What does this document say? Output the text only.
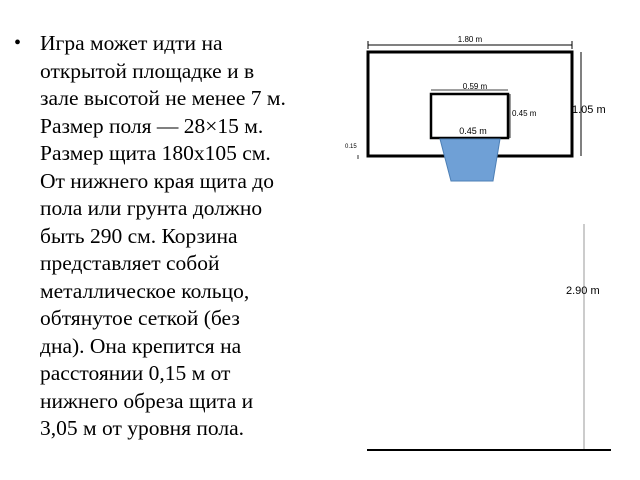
• Игра может идти на
открытой площадке и в
зале высотой не менее 7 м.
Размер поля — 28×15 м.
Размер щита 180х105 см.
От нижнего края щита до
пола или грунта должно
быть 290 см. Корзина
представляет собой
металлическое кольцо,
обтянутое сеткой (без
дна). Она крепится на
расстоянии 0,15 м от
нижнего обреза щита и
3,05 м от уровня пола.

1.80 m
1.05 m
0.59 m
0.45 m
0.45 m
0.15
2.90 m
